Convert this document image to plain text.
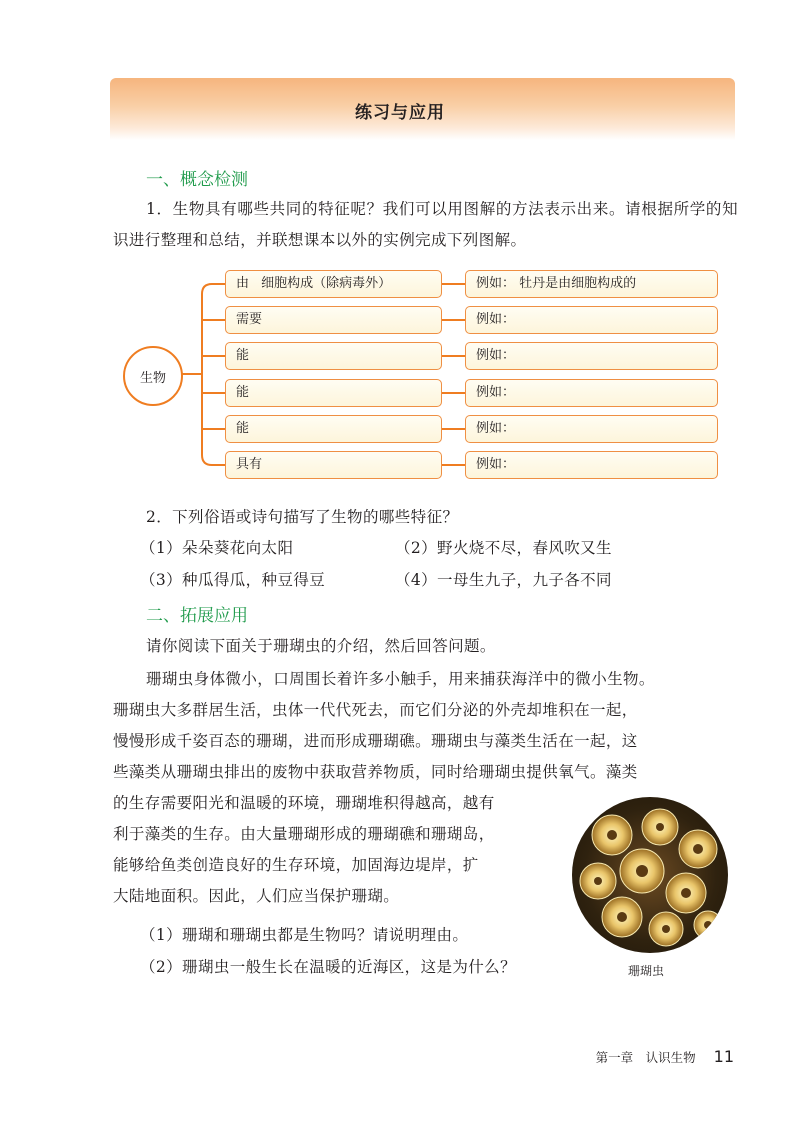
练习与应用
一、概念检测
1．生物具有哪些共同的特征呢？我们可以用图解的方法表示出来。请根据所学的知识进行整理和总结，并联想课本以外的实例完成下列图解。
生物
由 细胞构成（除病毒外）	例如： 牡丹是由细胞构成的
需要	例如：
能	例如：
能	例如：
能	例如：
具有	例如：
2．下列俗语或诗句描写了生物的哪些特征？
（1）朵朵葵花向太阳	（2）野火烧不尽，春风吹又生
（3）种瓜得瓜，种豆得豆	（4）一母生九子，九子各不同
二、拓展应用
请你阅读下面关于珊瑚虫的介绍，然后回答问题。
珊瑚虫身体微小，口周围长着许多小触手，用来捕获海洋中的微小生物。
珊瑚虫大多群居生活，虫体一代代死去，而它们分泌的外壳却堆积在一起，
慢慢形成千姿百态的珊瑚，进而形成珊瑚礁。珊瑚虫与藻类生活在一起，这
些藻类从珊瑚虫排出的废物中获取营养物质，同时给珊瑚虫提供氧气。藻类
的生存需要阳光和温暖的环境，珊瑚堆积得越高，越有
利于藻类的生存。由大量珊瑚形成的珊瑚礁和珊瑚岛，
能够给鱼类创造良好的生存环境，加固海边堤岸，扩
大陆地面积。因此，人们应当保护珊瑚。
（1）珊瑚和珊瑚虫都是生物吗？请说明理由。
（2）珊瑚虫一般生长在温暖的近海区，这是为什么？	珊瑚虫
第一章　认识生物 11
